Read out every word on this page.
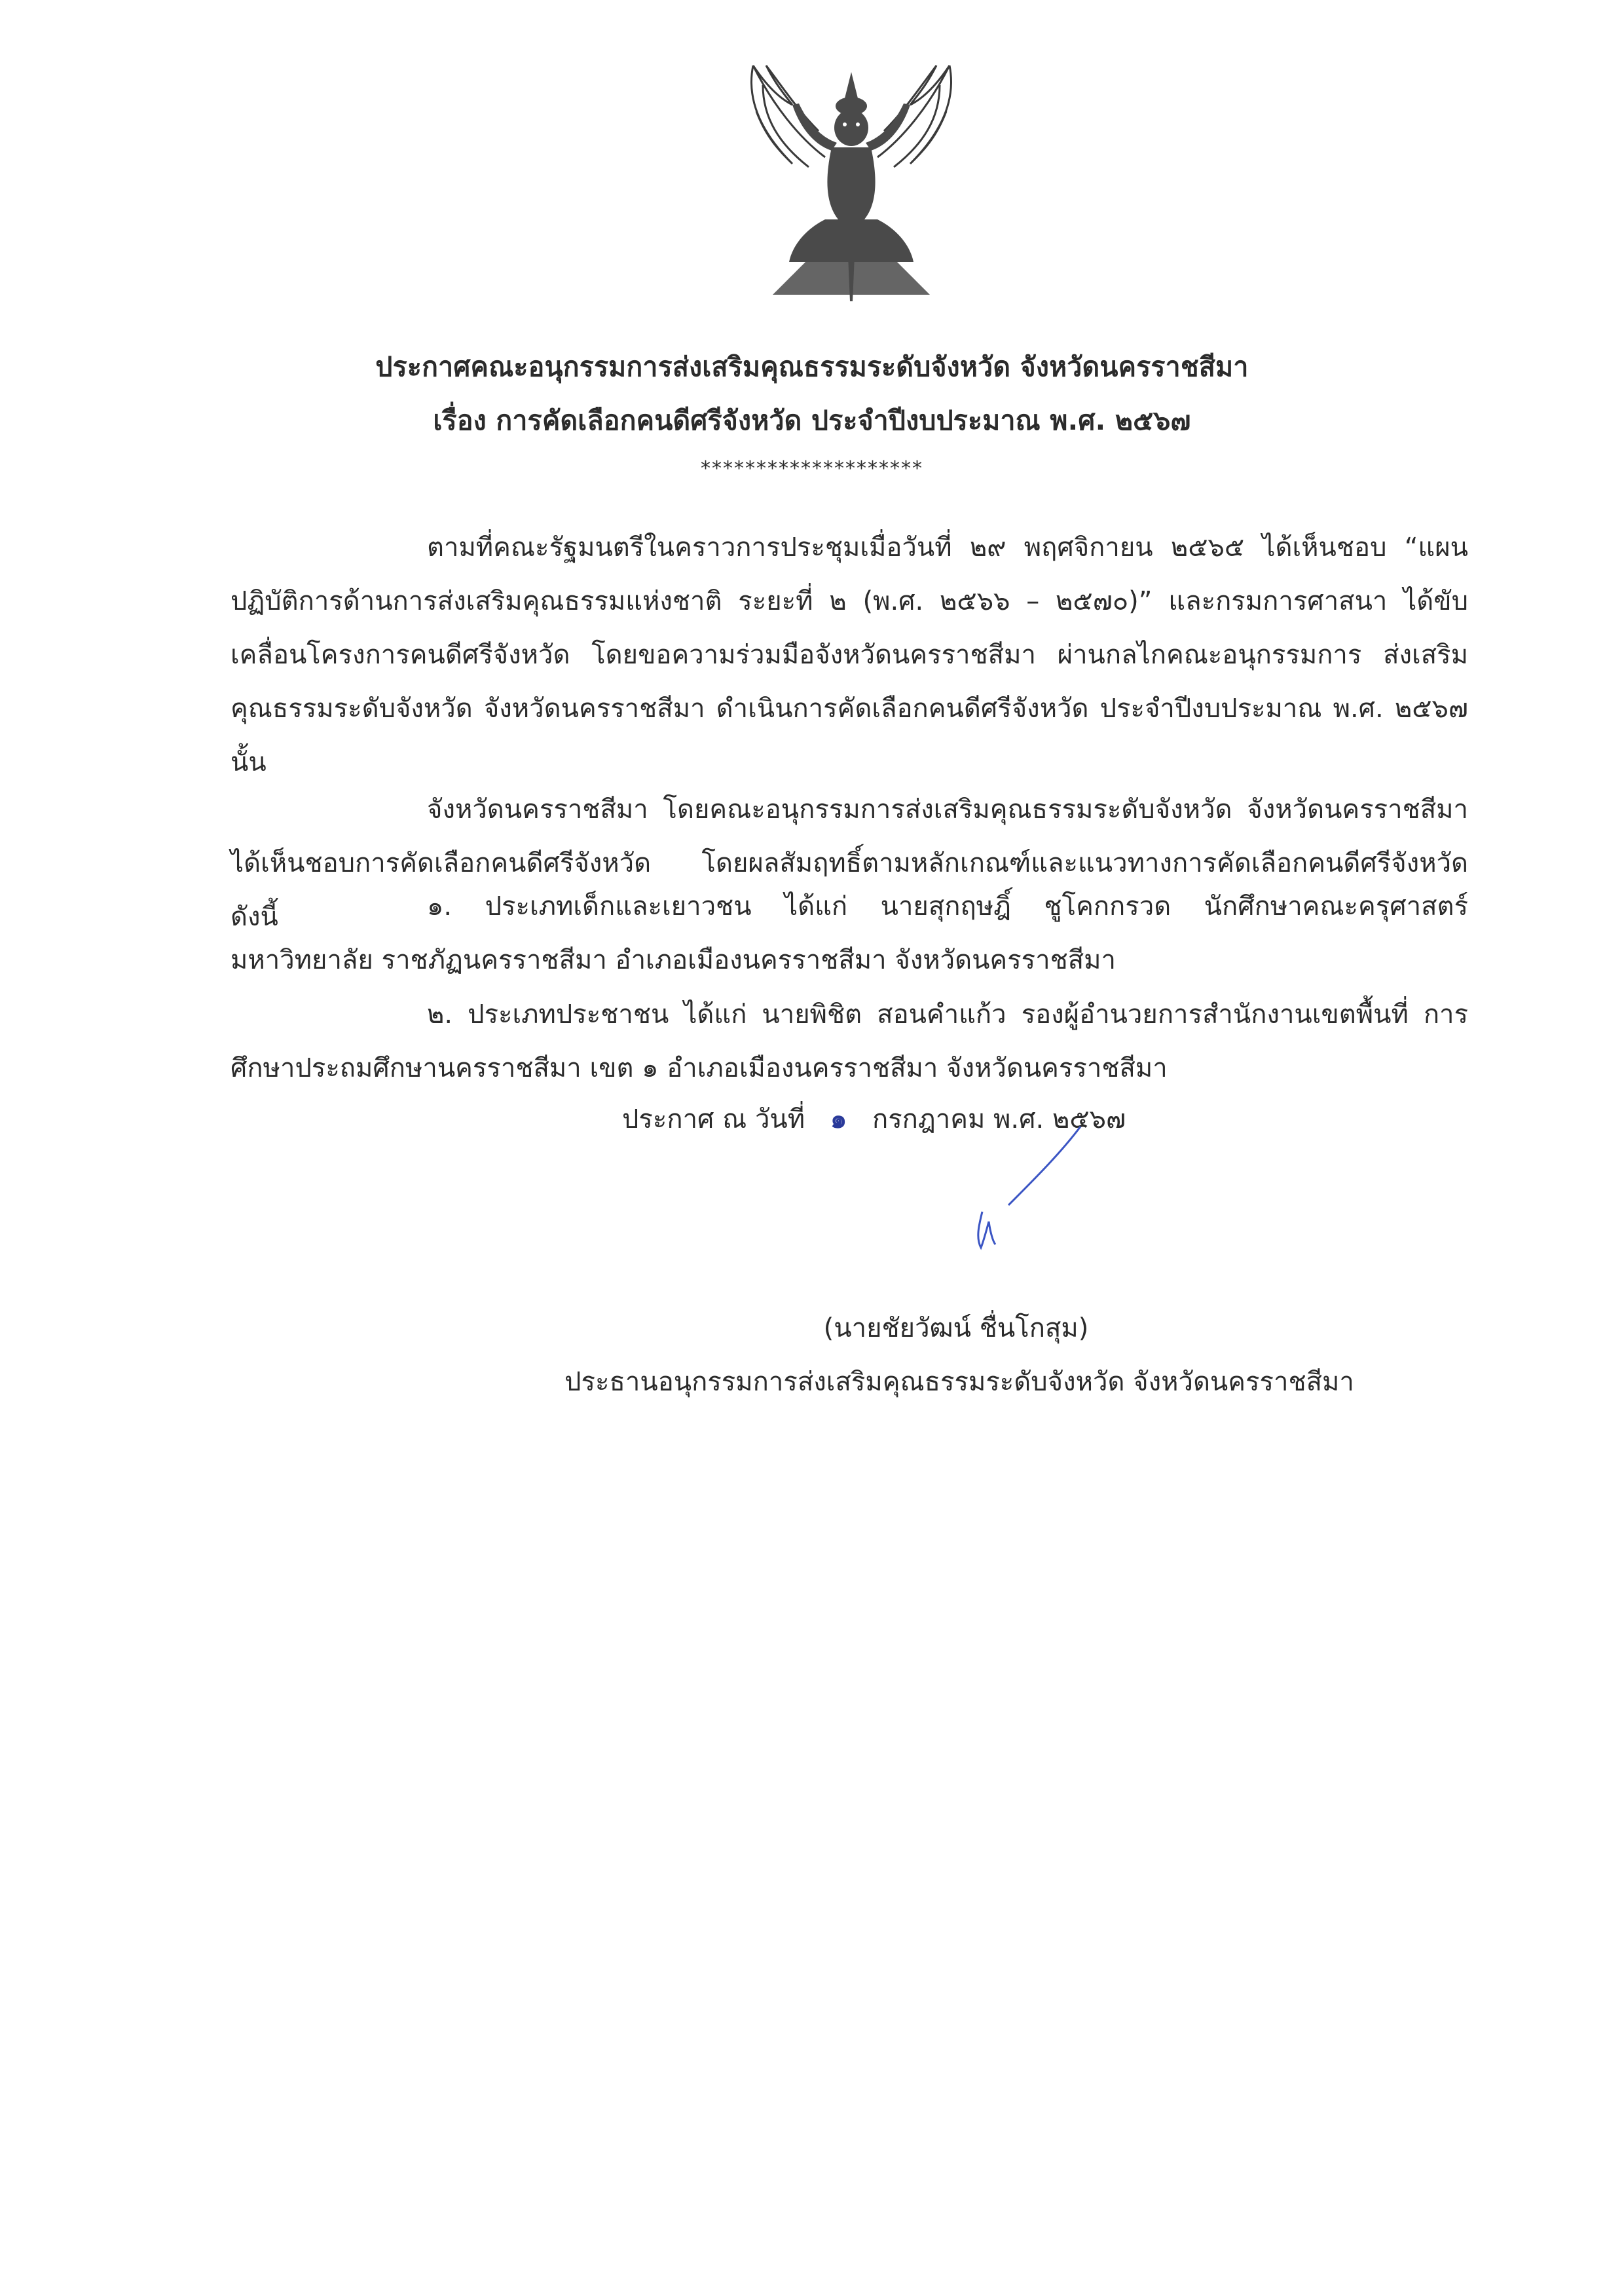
ประกาศคณะอนุกรรมการส่งเสริมคุณธรรมระดับจังหวัด จังหวัดนครราชสีมา
เรื่อง การคัดเลือกคนดีศรีจังหวัด ประจำปีงบประมาณ พ.ศ. ๒๕๖๗
********************
ตามที่คณะรัฐมนตรีในคราวการประชุมเมื่อวันที่ ๒๙ พฤศจิกายน ๒๕๖๕ ได้เห็นชอบ “แผนปฏิบัติการด้านการส่งเสริมคุณธรรมแห่งชาติ ระยะที่ ๒ (พ.ศ. ๒๕๖๖ – ๒๕๗๐)” และกรมการศาสนา ได้ขับเคลื่อนโครงการคนดีศรีจังหวัด โดยขอความร่วมมือจังหวัดนครราชสีมา ผ่านกลไกคณะอนุกรรมการ ส่งเสริมคุณธรรมระดับจังหวัด จังหวัดนครราชสีมา ดำเนินการคัดเลือกคนดีศรีจังหวัด ประจำปีงบประมาณ พ.ศ. ๒๕๖๗ นั้น
จังหวัดนครราชสีมา โดยคณะอนุกรรมการส่งเสริมคุณธรรมระดับจังหวัด จังหวัดนครราชสีมา ได้เห็นชอบการคัดเลือกคนดีศรีจังหวัด โดยผลสัมฤทธิ์ตามหลักเกณฑ์และแนวทางการคัดเลือกคนดีศรีจังหวัด ดังนี้	๑. ประเภทเด็กและเยาวชน ได้แก่ นายสุกฤษฎิ์ ชูโคกกรวด นักศึกษาคณะครุศาสตร์ มหาวิทยาลัย ราชภัฏนครราชสีมา อำเภอเมืองนครราชสีมา จังหวัดนครราชสีมา
๒. ประเภทประชาชน ได้แก่ นายพิชิต สอนคำแก้ว รองผู้อำนวยการสำนักงานเขตพื้นที่ การศึกษาประถมศึกษานครราชสีมา เขต ๑ อำเภอเมืองนครราชสีมา จังหวัดนครราชสีมา
ประกาศ ณ วันที่ ๑ กรกฎาคม พ.ศ. ๒๕๖๗
(นายชัยวัฒน์ ชื่นโกสุม)
ประธานอนุกรรมการส่งเสริมคุณธรรมระดับจังหวัด จังหวัดนครราชสีมา
